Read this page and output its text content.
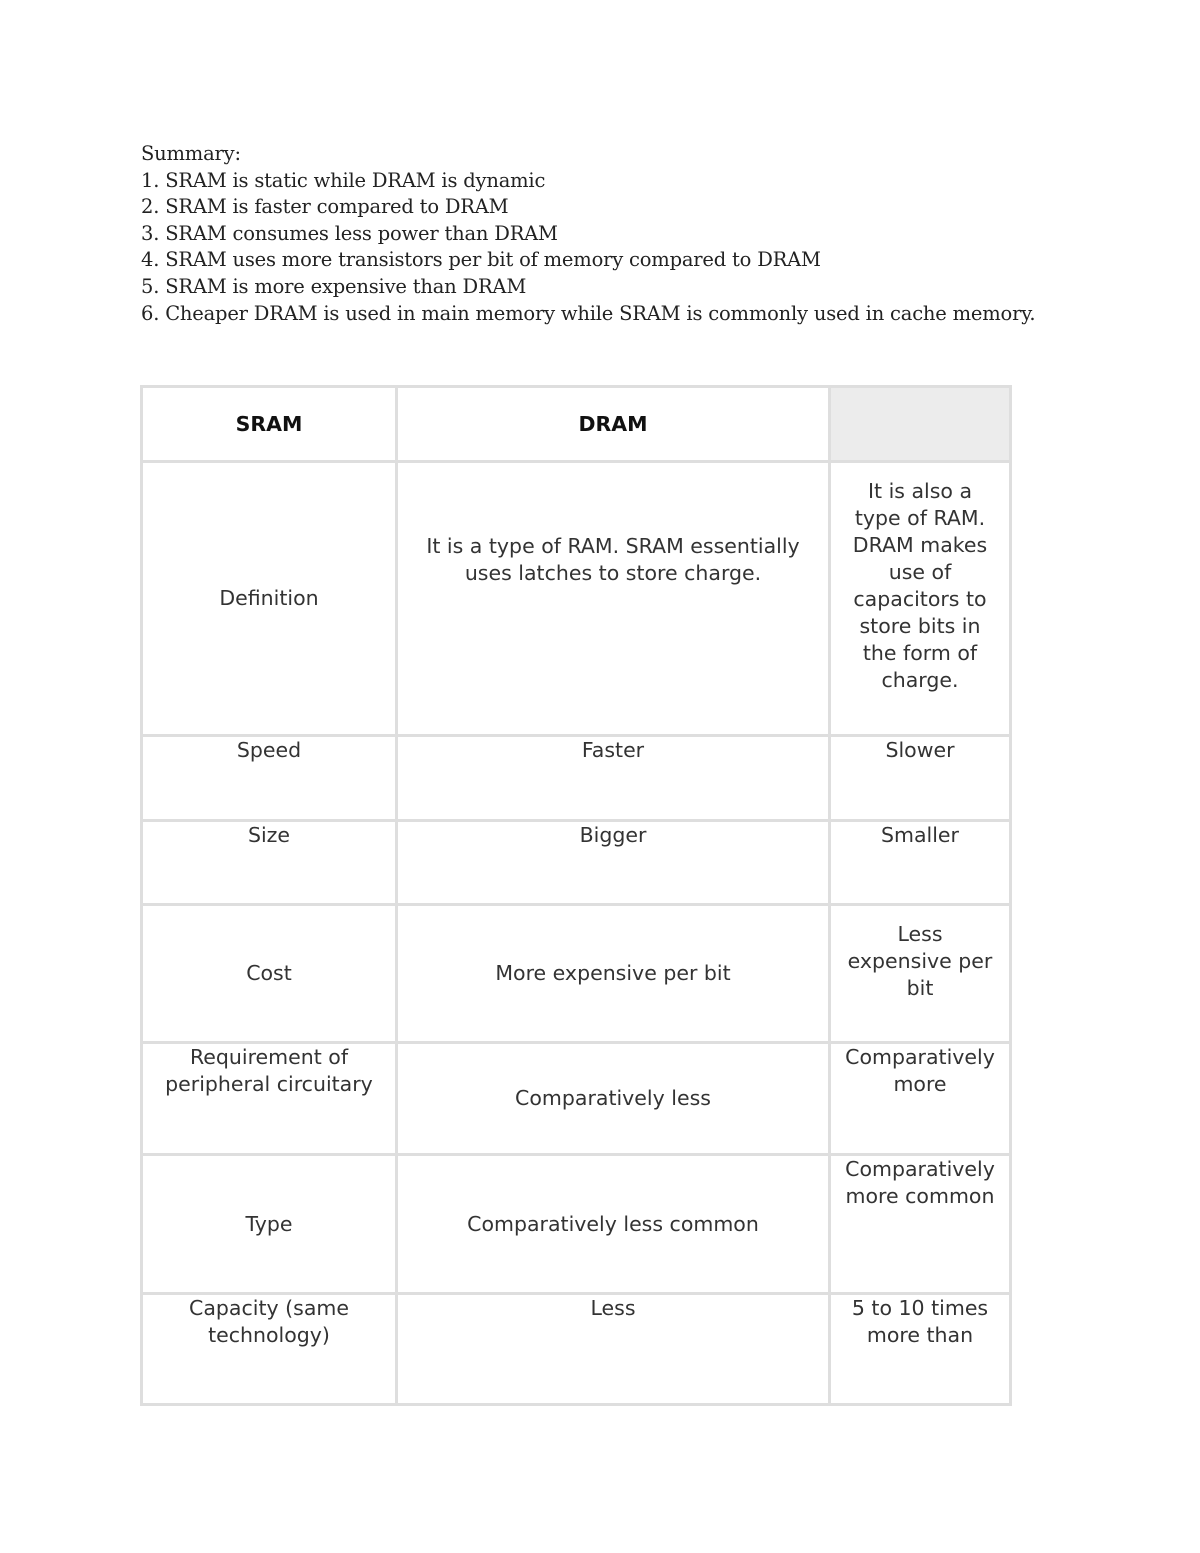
Summary:
1. SRAM is static while DRAM is dynamic
2. SRAM is faster compared to DRAM
3. SRAM consumes less power than DRAM
4. SRAM uses more transistors per bit of memory compared to DRAM
5. SRAM is more expensive than DRAM
6. Cheaper DRAM is used in main memory while SRAM is commonly used in cache memory.
SRAM	DRAM	
Definition	It is a type of RAM. SRAM essentially uses latches to store charge.	It is also a type of RAM. DRAM makes use of capacitors to store bits in the form of charge.
Speed	Faster	Slower
Size	Bigger	Smaller
Cost	More expensive per bit	Less expensive per bit
Requirement of peripheral circuitary	Comparatively less	Comparatively more
Type	Comparatively less common	Comparatively more common
Capacity (same technology)	Less	5 to 10 times more than
